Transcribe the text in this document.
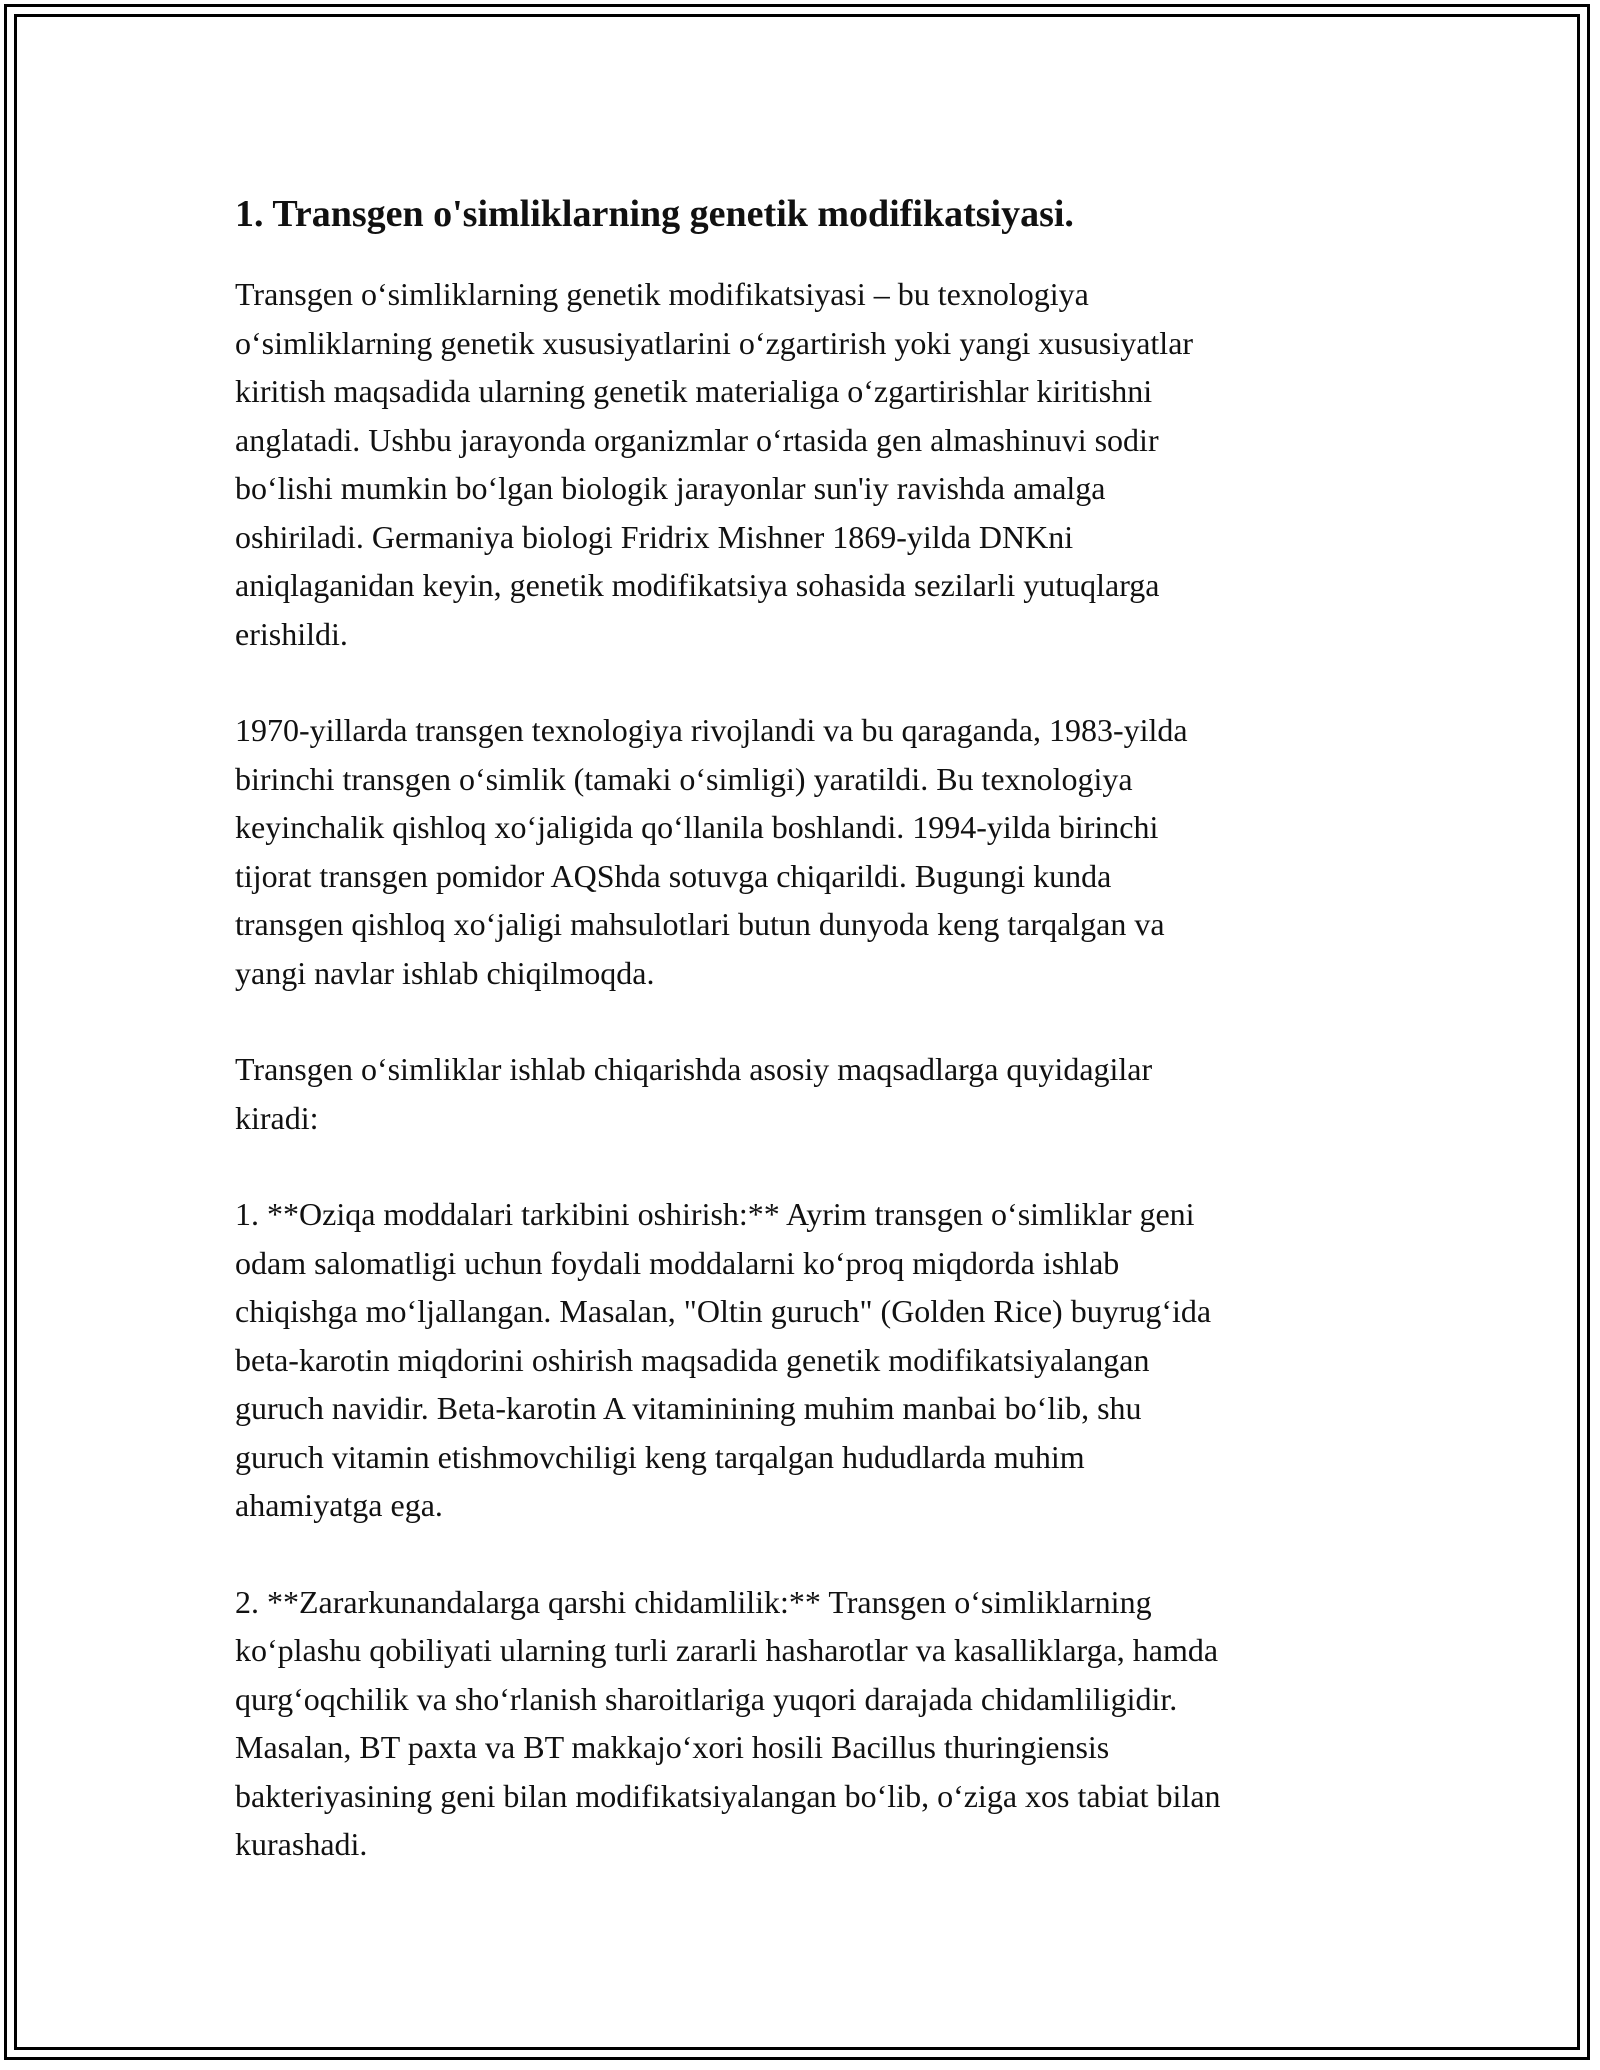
1. Transgen o'simliklarning genetik modifikatsiyasi.

Transgen o‘simliklarning genetik modifikatsiyasi – bu texnologiya
o‘simliklarning genetik xususiyatlarini o‘zgartirish yoki yangi xususiyatlar
kiritish maqsadida ularning genetik materialiga o‘zgartirishlar kiritishni
anglatadi. Ushbu jarayonda organizmlar o‘rtasida gen almashinuvi sodir
bo‘lishi mumkin bo‘lgan biologik jarayonlar sun'iy ravishda amalga
oshiriladi. Germaniya biologi Fridrix Mishner 1869-yilda DNKni
aniqlaganidan keyin, genetik modifikatsiya sohasida sezilarli yutuqlarga
erishildi.

1970-yillarda transgen texnologiya rivojlandi va bu qaraganda, 1983-yilda
birinchi transgen o‘simlik (tamaki o‘simligi) yaratildi. Bu texnologiya
keyinchalik qishloq xo‘jaligida qo‘llanila boshlandi. 1994-yilda birinchi
tijorat transgen pomidor AQShda sotuvga chiqarildi. Bugungi kunda
transgen qishloq xo‘jaligi mahsulotlari butun dunyoda keng tarqalgan va
yangi navlar ishlab chiqilmoqda.

Transgen o‘simliklar ishlab chiqarishda asosiy maqsadlarga quyidagilar
kiradi:

1. **Oziqa moddalari tarkibini oshirish:** Ayrim transgen o‘simliklar geni
odam salomatligi uchun foydali moddalarni ko‘proq miqdorda ishlab
chiqishga mo‘ljallangan. Masalan, "Oltin guruch" (Golden Rice) buyrug‘ida
beta-karotin miqdorini oshirish maqsadida genetik modifikatsiyalangan
guruch navidir. Beta-karotin A vitaminining muhim manbai bo‘lib, shu
guruch vitamin etishmovchiligi keng tarqalgan hududlarda muhim
ahamiyatga ega.

2. **Zararkunandalarga qarshi chidamlilik:** Transgen o‘simliklarning
ko‘plashu qobiliyati ularning turli zararli hasharotlar va kasalliklarga, hamda
qurg‘oqchilik va sho‘rlanish sharoitlariga yuqori darajada chidamliligidir.
Masalan, BT paxta va BT makkajo‘xori hosili Bacillus thuringiensis
bakteriyasining geni bilan modifikatsiyalangan bo‘lib, o‘ziga xos tabiat bilan
kurashadi.
